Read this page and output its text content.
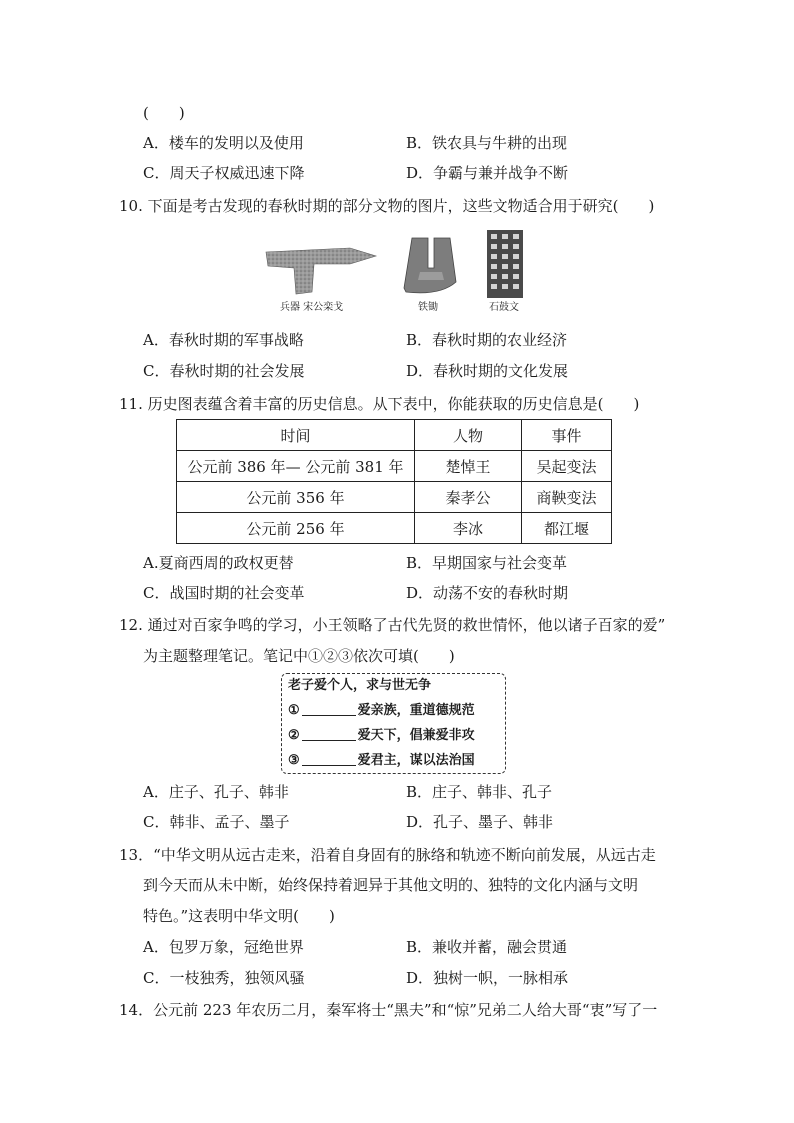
(　　)
A．楼车的发明以及使用	B．铁农具与牛耕的出现
C．周天子权威迅速下降	D．争霸与兼并战争不断
10. 下面是考古发现的春秋时期的部分文物的图片，这些文物适合用于研究(　　)
兵器 宋公栾戈	铁锄	石鼓文
A．春秋时期的军事战略	B．春秋时期的农业经济
C．春秋时期的社会发展	D．春秋时期的文化发展
11. 历史图表蕴含着丰富的历史信息。从下表中，你能获取的历史信息是(　　)
时间	人物	事件
公元前 386 年— 公元前 381 年	楚悼王	吴起变法
公元前 356 年	秦孝公	商鞅变法
公元前 256 年	李冰	都江堰
A.夏商西周的政权更替	B．早期国家与社会变革
C．战国时期的社会变革	D．动荡不安的春秋时期
12. 通过对百家争鸣的学习，小王领略了古代先贤的救世情怀，他以诸子百家的爱”
为主题整理笔记。笔记中①②③依次可填(　　)
老子爱个人，求与世无争
①	爱亲族，重道德规范
②	爱天下，倡兼爱非攻
③	爱君主，谋以法治国
A．庄子、孔子、韩非	B．庄子、韩非、孔子
C．韩非、孟子、墨子	D．孔子、墨子、韩非
13．“中华文明从远古走来，沿着自身固有的脉络和轨迹不断向前发展，从远古走
到今天而从未中断，始终保持着迥异于其他文明的、独特的文化内涵与文明
特色。”这表明中华文明(　　)
A．包罗万象，冠绝世界	B．兼收并蓄，融会贯通
C．一枝独秀，独领风骚	D．独树一帜，一脉相承
14．公元前 223 年农历二月，秦军将士“黑夫”和“惊”兄弟二人给大哥“衷”写了一
